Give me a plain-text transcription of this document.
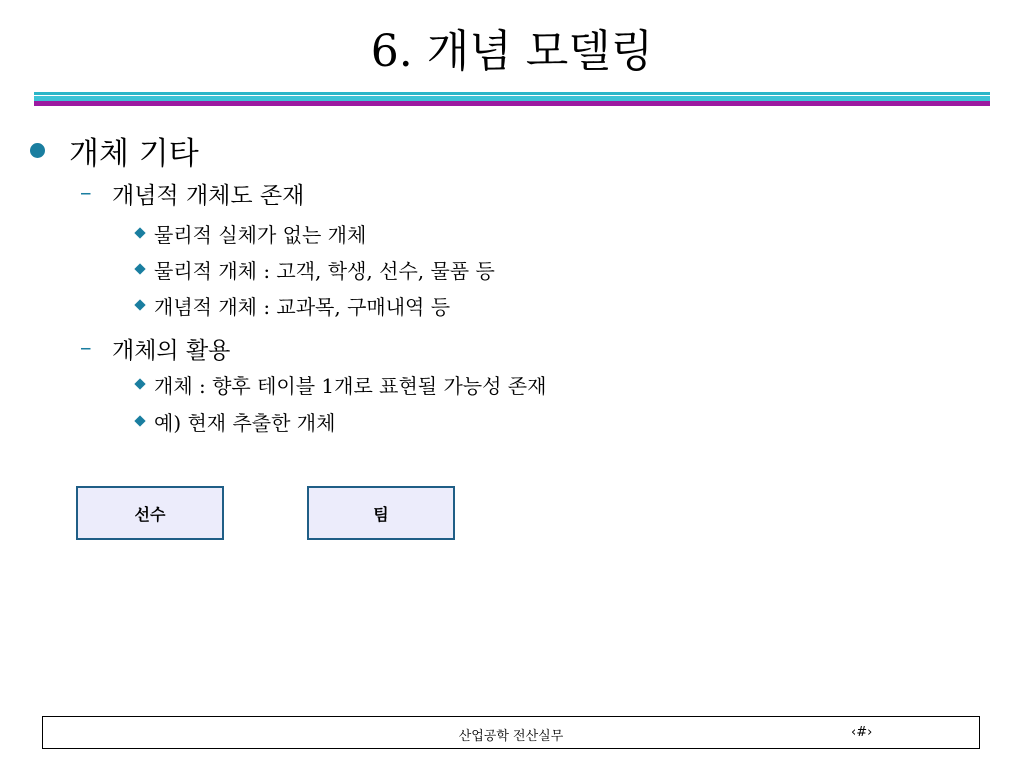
6. 개념 모델링
개체 기타
– 개념적 개체도 존재
물리적 실체가 없는 개체
물리적 개체 : 고객, 학생, 선수, 물품 등
개념적 개체 : 교과목, 구매내역 등
– 개체의 활용
개체 : 향후 테이블 1개로 표현될 가능성 존재
예) 현재 추출한 개체
선수	팀
산업공학 전산실무	‹#›
